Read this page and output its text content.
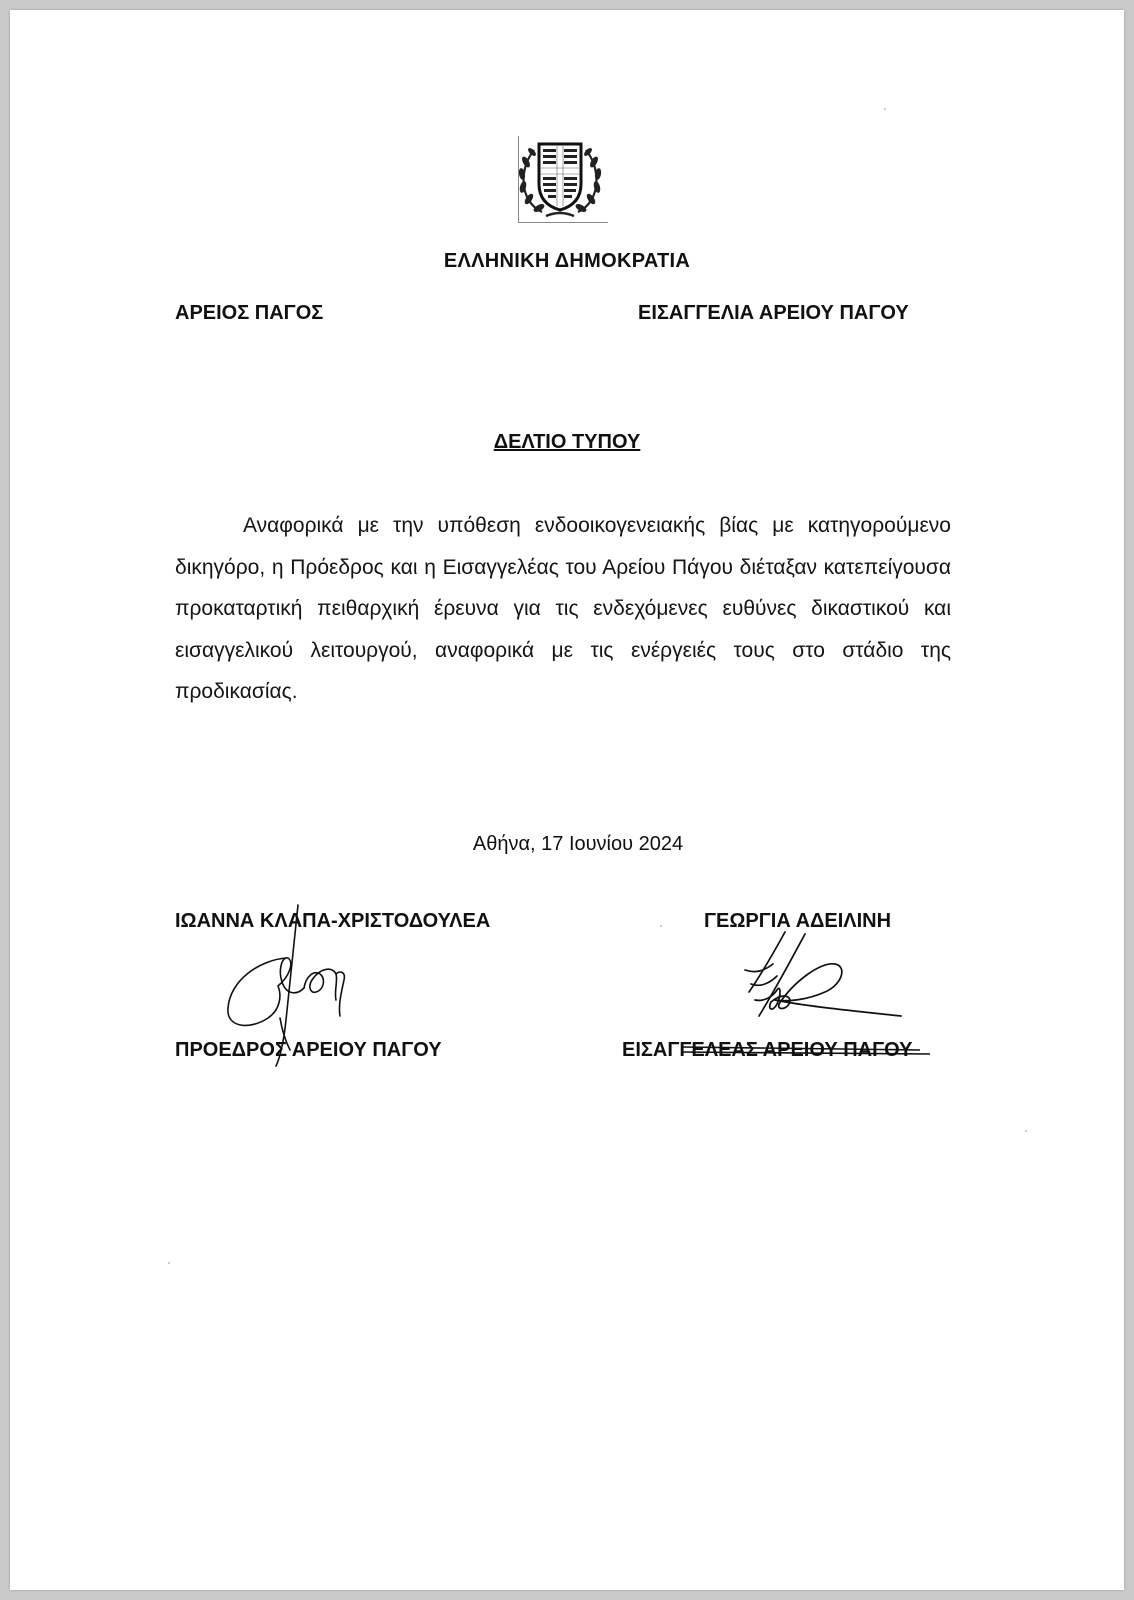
ΕΛΛΗΝΙΚΗ ΔΗΜΟΚΡΑΤΙΑ
ΑΡΕΙΟΣ ΠΑΓΟΣ	ΕΙΣΑΓΓΕΛΙΑ ΑΡΕΙΟΥ ΠΑΓΟΥ
ΔΕΛΤΙΟ ΤΥΠΟΥ
Αναφορικά με την υπόθεση ενδοοικογενειακής βίας με κατηγορούμενο δικηγόρο, η Πρόεδρος και η Εισαγγελέας του Αρείου Πάγου διέταξαν κατεπείγουσα προκαταρτική πειθαρχική έρευνα για τις ενδεχόμενες ευθύνες δικαστικού και εισαγγελικού λειτουργού, αναφορικά με τις ενέργειές τους στο στάδιο της προδικασίας.
Αθήνα, 17 Ιουνίου 2024
ΙΩΑΝΝΑ ΚΛΑΠΑ-ΧΡΙΣΤΟΔΟΥΛΕΑ	ΓΕΩΡΓΙΑ ΑΔΕΙΛΙΝΗ
ΠΡΟΕΔΡΟΣ ΑΡΕΙΟΥ ΠΑΓΟΥ	ΕΙΣΑΓΓΕΛΕΑΣ ΑΡΕΙΟΥ ΠΑΓΟΥ
